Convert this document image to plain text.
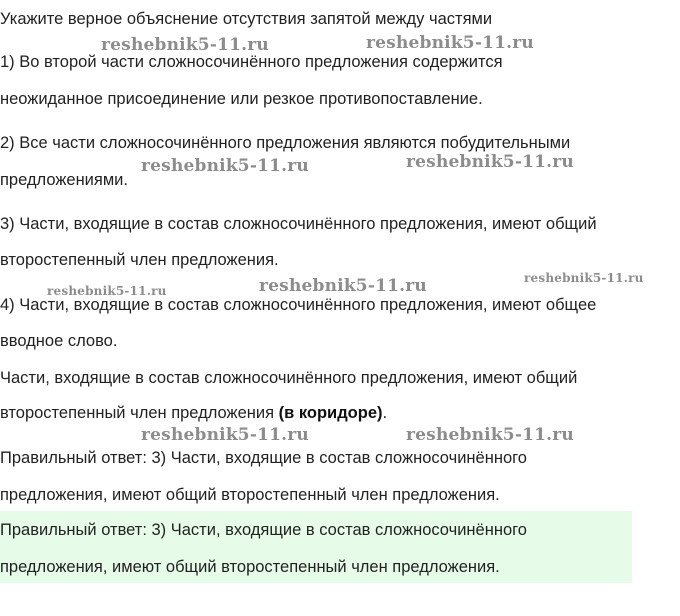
Укажите верное объяснение отсутствия запятой между частями
1) Во второй части сложносочинённого предложения содержится
неожиданное присоединение или резкое противопоставление.
2) Все части сложносочинённого предложения являются побудительными
предложениями.
3) Части, входящие в состав сложносочинённого предложения, имеют общий
второстепенный член предложения.
4) Части, входящие в состав сложносочинённого предложения, имеют общее
вводное слово.
Части, входящие в состав сложносочинённого предложения, имеют общий
второстепенный член предложения (в коридоре).
Правильный ответ: 3) Части, входящие в состав сложносочинённого
предложения, имеют общий второстепенный член предложения.
Правильный ответ: 3) Части, входящие в состав сложносочинённого
предложения, имеют общий второстепенный член предложения.
reshebnik5-11.ru	reshebnik5-11.ru
reshebnik5-11.ru	reshebnik5-11.ru
reshebnik5-11.ru	reshebnik5-11.ru	reshebnik5-11.ru
reshebnik5-11.ru	reshebnik5-11.ru
